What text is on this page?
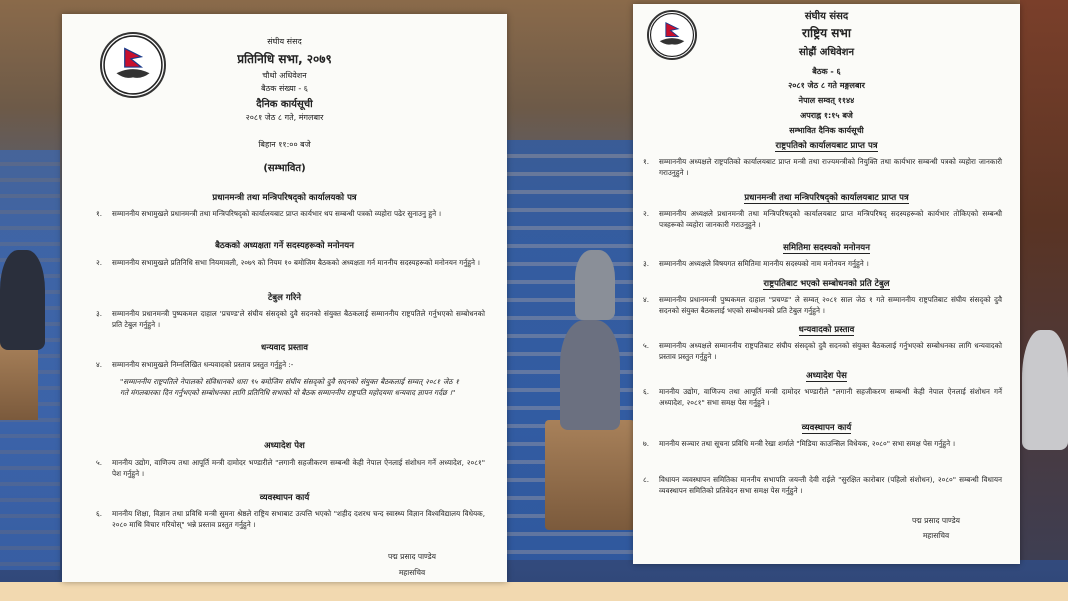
संघीय संसद
प्रतिनिधि सभा, २०७९
चौथो अधिवेशन
बैठक संख्या - ६
दैनिक कार्यसूची
२०८१ जेठ ८ गते, मंगलबार
बिहान ११:०० बजे
(सम्भावित)
प्रधानमन्त्री तथा मन्त्रिपरिषद्को कार्यालयको पत्र
१. सम्माननीय सभामुखले प्रधानमन्त्री तथा मन्त्रिपरिषद्को कार्यालयबाट प्राप्त कार्यभार थप सम्बन्धी पत्रको व्यहोरा पढेर सुनाउनु हुने ।
बैठकको अध्यक्षता गर्ने सदस्यहरूको मनोनयन
२. सम्माननीय सभामुखले प्रतिनिधि सभा नियमावली, २०७९ को नियम १० बमोजिम बैठकको अध्यक्षता गर्न माननीय सदस्यहरूको मनोनयन गर्नुहुने ।
टेबुल गरिने
३. सम्माननीय प्रधानमन्त्री पुष्पकमल दाहाल 'प्रचण्ड'ले संघीय संसद्को दुवै सदनको संयुक्त बैठकलाई सम्माननीय राष्ट्रपतिले गर्नुभएको सम्बोधनको प्रति टेबुल गर्नुहुने ।
धन्यवाद प्रस्ताव
४. सम्माननीय सभामुखले निम्नलिखित धन्यवादको प्रस्ताव प्रस्तुत गर्नुहुने :-
"सम्माननीय राष्ट्रपतिले नेपालको संविधानको धारा ९५ बमोजिम संघीय संसद्को दुवै सदनको संयुक्त बैठकलाई सम्वत् २०८१ जेठ १ गते मंगलबारका दिन गर्नुभएको सम्बोधनका लागि प्रतिनिधि सभाको यो बैठक सम्माननीय राष्ट्रपति महोदयमा धन्यवाद ज्ञापन गर्दछ ।"
अध्यादेश पेश
५. माननीय उद्योग, वाणिज्य तथा आपूर्ति मन्त्री दामोदर भण्डारीले "लगानी सहजीकरण सम्बन्धी केही नेपाल ऐनलाई संशोधन गर्ने अध्यादेश, २०८१" पेश गर्नुहुने ।
व्यवस्थापन कार्य
६. माननीय शिक्षा, विज्ञान तथा प्रविधि मन्त्री सुमना श्रेष्ठले राष्ट्रिय सभाबाट उत्पत्ति भएको "शहीद दशरथ चन्द स्वास्थ्य विज्ञान विश्वविद्यालय विधेयक, २०८० माथि विचार गरियोस्" भन्ने प्रस्ताव प्रस्तुत गर्नुहुने ।
पद्म प्रसाद पाण्डेय
महासचिव
संघीय संसद
राष्ट्रिय सभा
सोह्रौं अधिवेशन
बैठक - ६
२०८१ जेठ ८ गते मङ्गलबार
नेपाल सम्वत् ११४४
अपराह्न १:१५ बजे
सम्भावित दैनिक कार्यसूची
राष्ट्रपतिको कार्यालयबाट प्राप्त पत्र
१. सम्माननीय अध्यक्षले राष्ट्रपतिको कार्यालयबाट प्राप्त मन्त्री तथा राज्यमन्त्रीको नियुक्ति तथा कार्यभार सम्बन्धी पत्रको व्यहोरा जानकारी गराउनुहुने ।
प्रधानमन्त्री तथा मन्त्रिपरिषद्को कार्यालयबाट प्राप्त पत्र
२. सम्माननीय अध्यक्षले प्रधानमन्त्री तथा मन्त्रिपरिषद्को कार्यालयबाट प्राप्त मन्त्रिपरिषद् सदस्यहरूको कार्यभार तोकिएको सम्बन्धी पत्रहरूको व्यहोरा जानकारी गराउनुहुने ।
समितिमा सदस्यको मनोनयन
३. सम्माननीय अध्यक्षले विषयगत समितिमा माननीय सदस्यको नाम मनोनयन गर्नुहुने ।
राष्ट्रपतिबाट भएको सम्बोधनको प्रति टेबुल
४. सम्माननीय प्रधानमन्त्री पुष्पकमल दाहाल "प्रचण्ड" ले सम्वत् २०८१ साल जेठ १ गते सम्माननीय राष्ट्रपतिबाट संघीय संसद्को दुवै सदनको संयुक्त बैठकलाई भएको सम्बोधनको प्रति टेबुल गर्नुहुने ।
धन्यवादको प्रस्ताव
५. सम्माननीय अध्यक्षले सम्माननीय राष्ट्रपतिबाट संघीय संसद्को दुवै सदनको संयुक्त बैठकलाई गर्नुभएको सम्बोधनका लागि धन्यवादको प्रस्ताव प्रस्तुत गर्नुहुने ।
अध्यादेश पेस
६. माननीय उद्योग, वाणिज्य तथा आपूर्ति मन्त्री दामोदर भण्डारीले "लगानी सहजीकरण सम्बन्धी केही नेपाल ऐनलाई संशोधन गर्ने अध्यादेश, २०८१" सभा समक्ष पेस गर्नुहुने ।
व्यवस्थापन कार्य
७. माननीय सञ्चार तथा सूचना प्रविधि मन्त्री रेखा शर्माले "मिडिया काउन्सिल विधेयक, २०८०" सभा समक्ष पेस गर्नुहुने ।
८. विधायन व्यवस्थापन समितिका माननीय सभापति जयन्ती देवी राईले "सुरक्षित कारोबार (पहिलो संशोधन), २०८०" सम्बन्धी विधायन व्यवस्थापन समितिको प्रतिवेदन सभा समक्ष पेस गर्नुहुने ।
पद्म प्रसाद पाण्डेय
महासचिव
